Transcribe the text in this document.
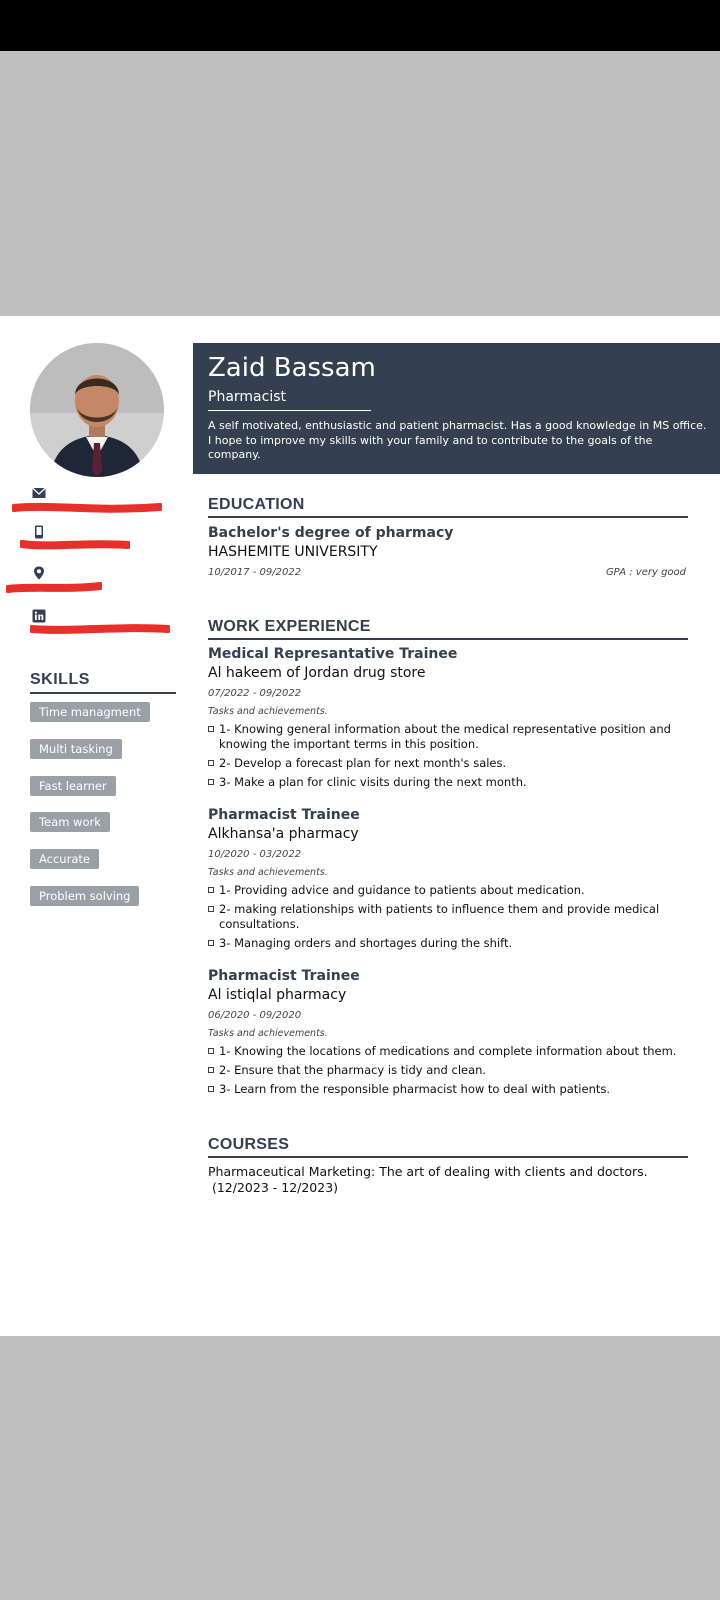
SKILLS
Time managment
Multi tasking
Fast learner
Team work
Accurate
Problem solving
Zaid Bassam
Pharmacist
A self motivated, enthusiastic and patient pharmacist. Has a good knowledge in MS office. I hope to improve my skills with your family and to contribute to the goals of the company.
EDUCATION
Bachelor's degree of pharmacy
HASHEMITE UNIVERSITY
10/2017 - 09/2022	GPA : very good
WORK EXPERIENCE
Medical Represantative Trainee
Al hakeem of Jordan drug store
07/2022 - 09/2022
Tasks and achievements.
1- Knowing general information about the medical representative position and knowing the important terms in this position.
2- Develop a forecast plan for next month's sales.
3- Make a plan for clinic visits during the next month.
Pharmacist Trainee
Alkhansa'a pharmacy
10/2020 - 03/2022
Tasks and achievements.
1- Providing advice and guidance to patients about medication.
2- making relationships with patients to influence them and provide medical consultations.
3- Managing orders and shortages during the shift.
Pharmacist Trainee
Al istiqlal pharmacy
06/2020 - 09/2020
Tasks and achievements.
1- Knowing the locations of medications and complete information about them.
2- Ensure that the pharmacy is tidy and clean.
3- Learn from the responsible pharmacist how to deal with patients.
COURSES
Pharmaceutical Marketing: The art of dealing with clients and doctors.
(12/2023 - 12/2023)
